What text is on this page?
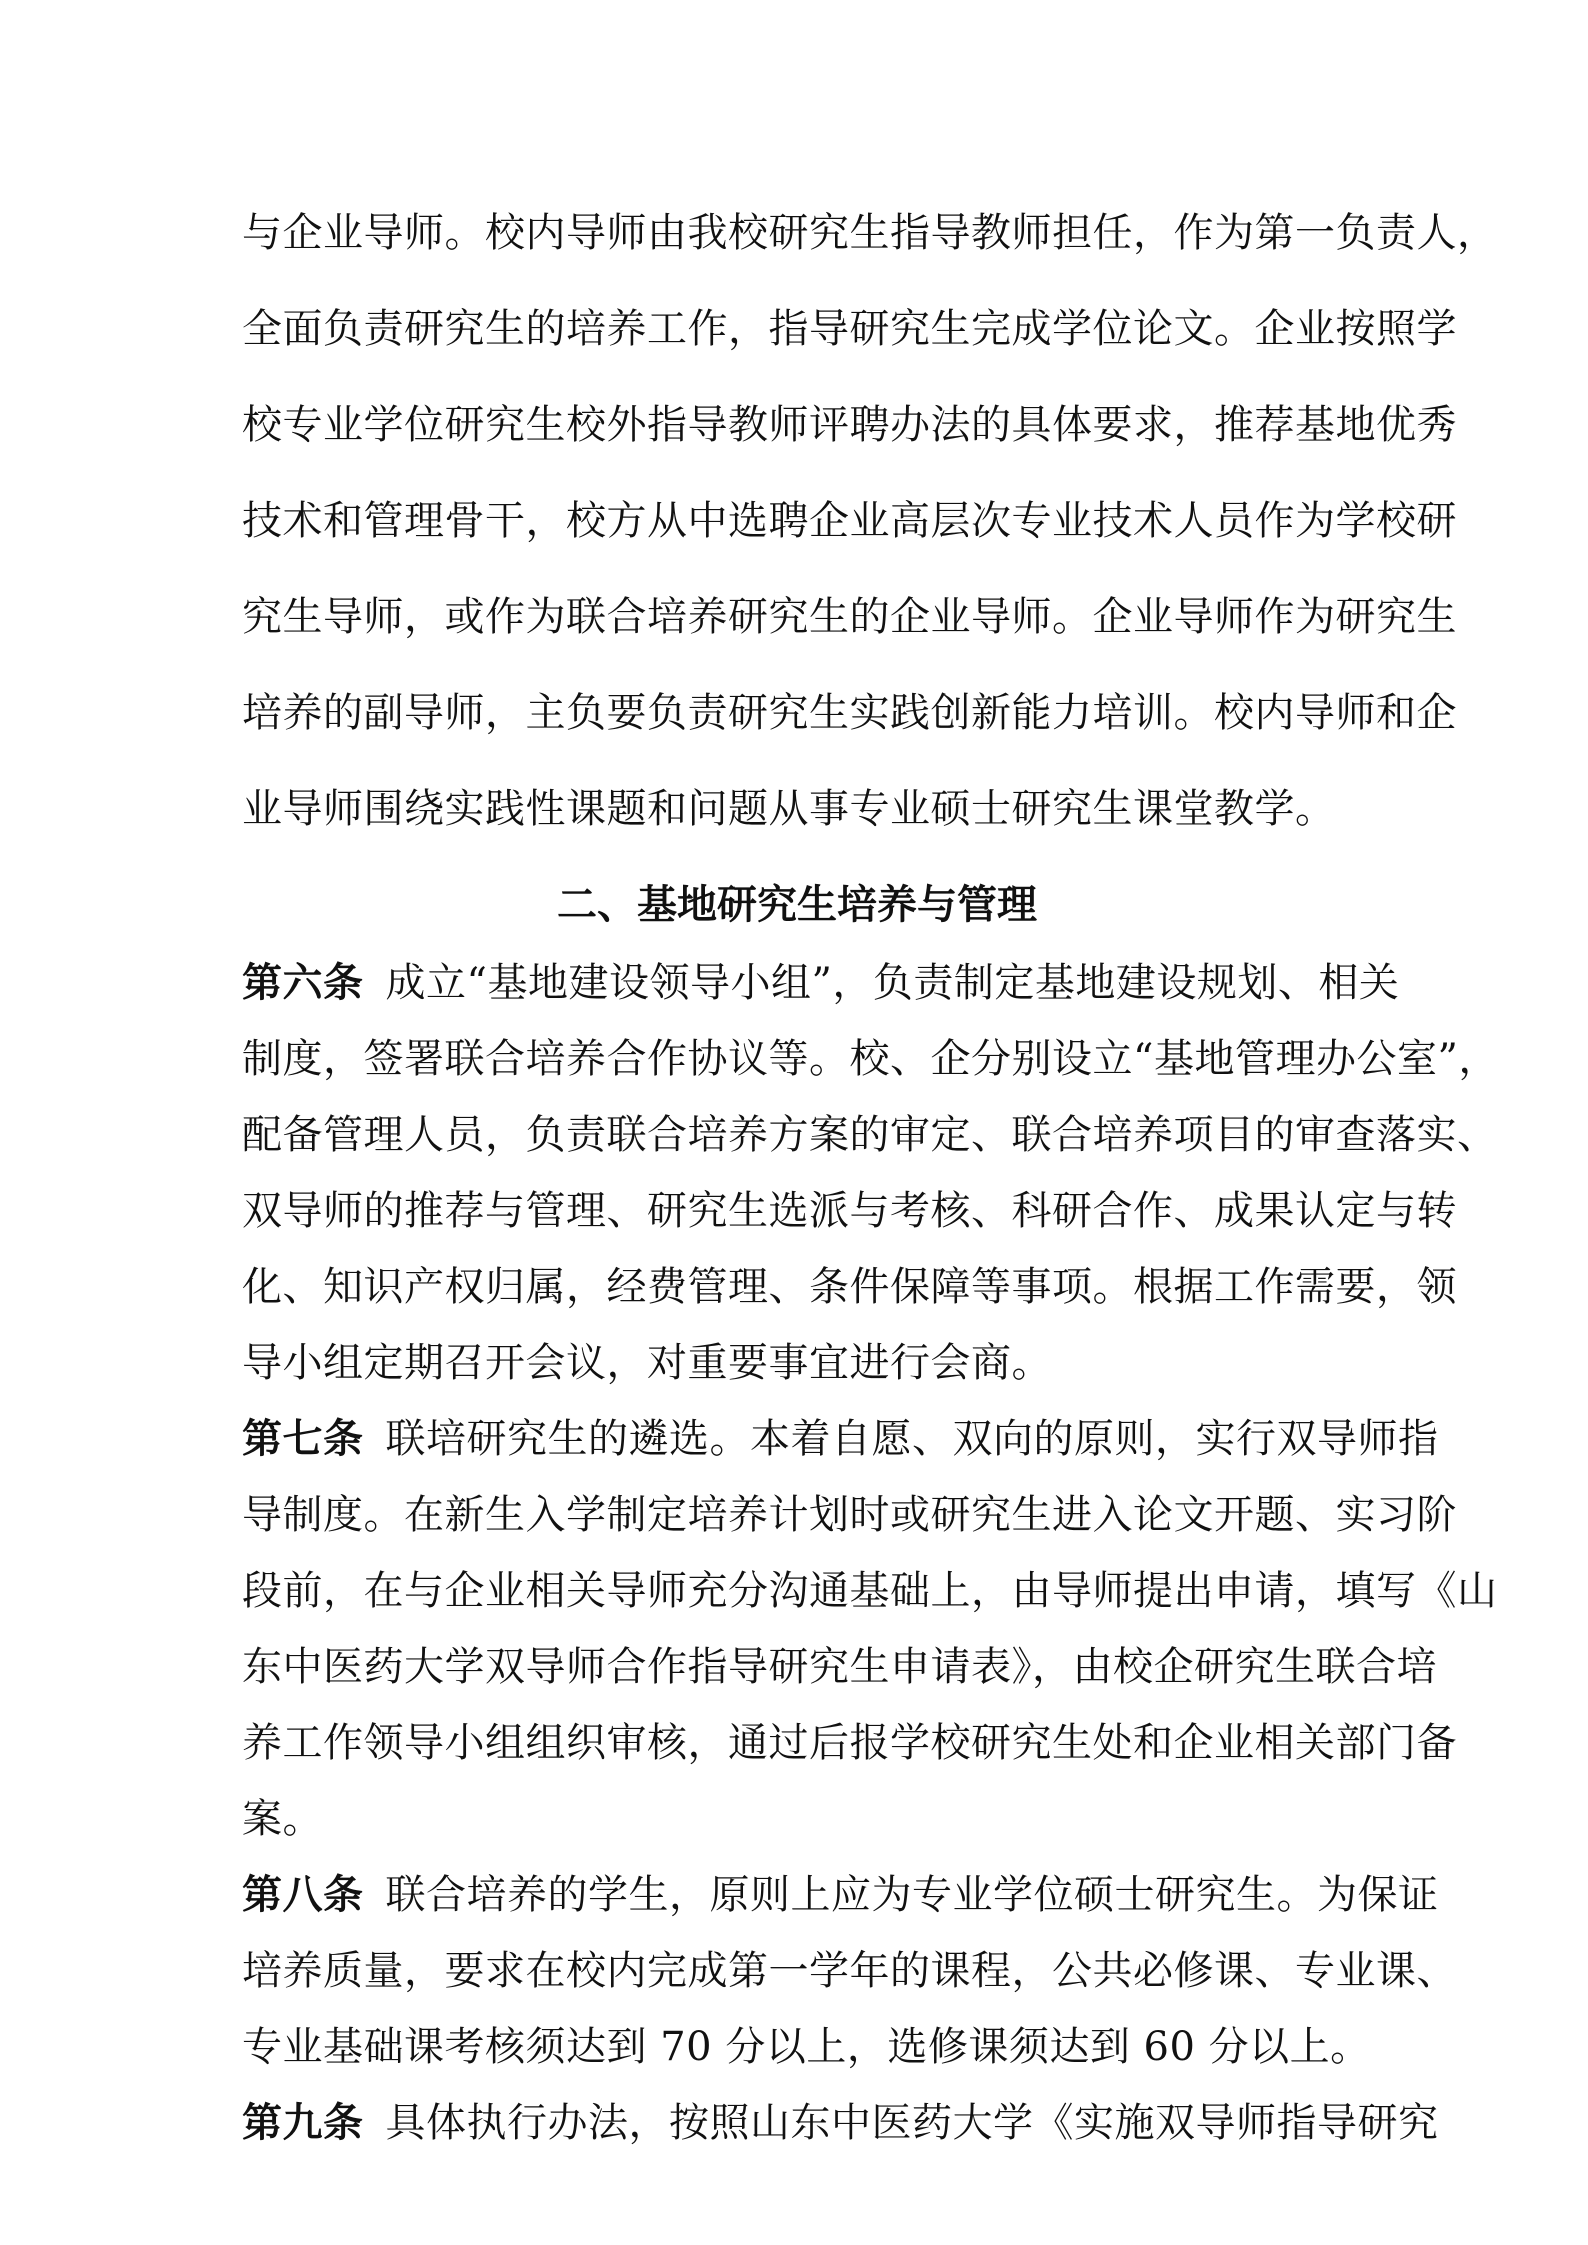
与企业导师。校内导师由我校研究生指导教师担任，作为第一负责人，
全面负责研究生的培养工作，指导研究生完成学位论文。企业按照学
校专业学位研究生校外指导教师评聘办法的具体要求，推荐基地优秀
技术和管理骨干，校方从中选聘企业高层次专业技术人员作为学校研
究生导师，或作为联合培养研究生的企业导师。企业导师作为研究生
培养的副导师，主负要负责研究生实践创新能力培训。校内导师和企
业导师围绕实践性课题和问题从事专业硕士研究生课堂教学。
二、基地研究生培养与管理
第六条 成立“基地建设领导小组”，负责制定基地建设规划、相关
制度，签署联合培养合作协议等。校、企分别设立“基地管理办公室”，
配备管理人员，负责联合培养方案的审定、联合培养项目的审查落实、
双导师的推荐与管理、研究生选派与考核、科研合作、成果认定与转
化、知识产权归属，经费管理、条件保障等事项。根据工作需要，领
导小组定期召开会议，对重要事宜进行会商。
第七条 联培研究生的遴选。本着自愿、双向的原则，实行双导师指
导制度。在新生入学制定培养计划时或研究生进入论文开题、实习阶
段前，在与企业相关导师充分沟通基础上，由导师提出申请，填写《山
东中医药大学双导师合作指导研究生申请表》，由校企研究生联合培
养工作领导小组组织审核，通过后报学校研究生处和企业相关部门备
案。
第八条 联合培养的学生，原则上应为专业学位硕士研究生。为保证
培养质量，要求在校内完成第一学年的课程，公共必修课、专业课、
专业基础课考核须达到 70 分以上，选修课须达到 60 分以上。
第九条 具体执行办法，按照山东中医药大学《实施双导师指导研究
